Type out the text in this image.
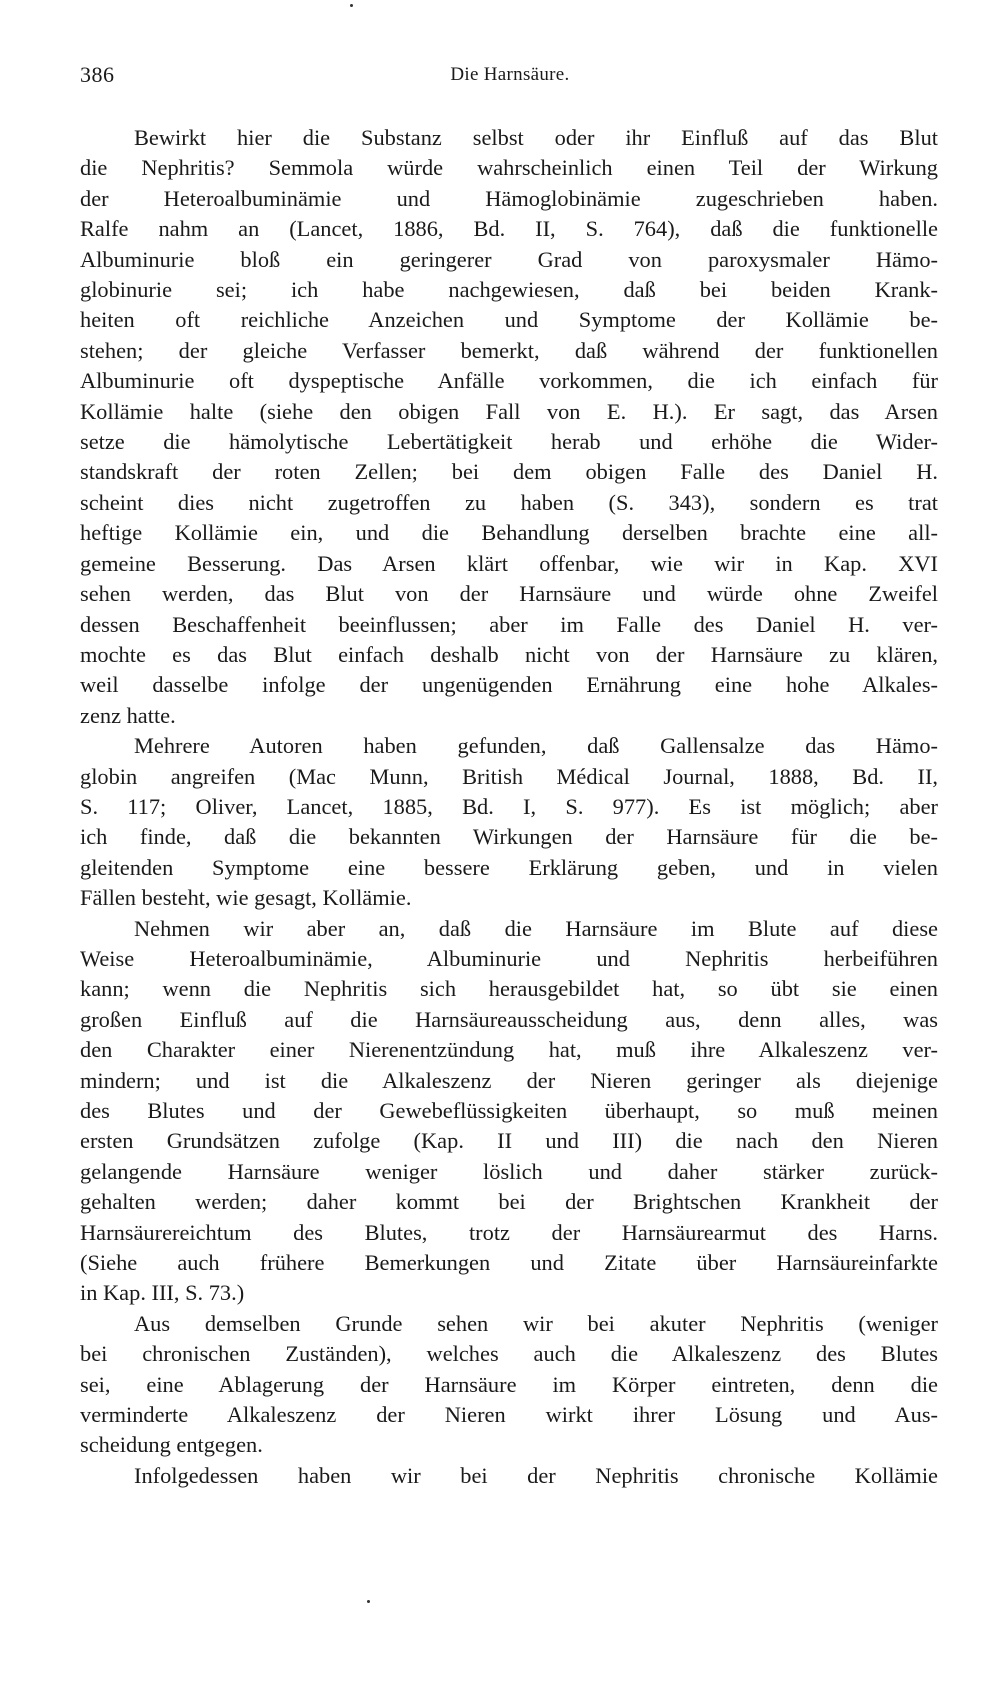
386	Die Harnsäure.
Bewirkt hier die Substanz selbst oder ihr Einfluß auf das Blut
die Nephritis? Semmola würde wahrscheinlich einen Teil der Wirkung
der Heteroalbuminämie und Hämoglobinämie zugeschrieben haben.
Ralfe nahm an (Lancet, 1886, Bd. II, S. 764), daß die funktionelle
Albuminurie bloß ein geringerer Grad von paroxysmaler Hämo-
globinurie sei; ich habe nachgewiesen, daß bei beiden Krank-
heiten oft reichliche Anzeichen und Symptome der Kollämie be-
stehen; der gleiche Verfasser bemerkt, daß während der funktionellen
Albuminurie oft dyspeptische Anfälle vorkommen, die ich einfach für
Kollämie halte (siehe den obigen Fall von E. H.). Er sagt, das Arsen
setze die hämolytische Lebertätigkeit herab und erhöhe die Wider-
standskraft der roten Zellen; bei dem obigen Falle des Daniel H.
scheint dies nicht zugetroffen zu haben (S. 343), sondern es trat
heftige Kollämie ein, und die Behandlung derselben brachte eine all-
gemeine Besserung. Das Arsen klärt offenbar, wie wir in Kap. XVI
sehen werden, das Blut von der Harnsäure und würde ohne Zweifel
dessen Beschaffenheit beeinflussen; aber im Falle des Daniel H. ver-
mochte es das Blut einfach deshalb nicht von der Harnsäure zu klären,
weil dasselbe infolge der ungenügenden Ernährung eine hohe Alkales-
zenz hatte.
Mehrere Autoren haben gefunden, daß Gallensalze das Hämo-
globin angreifen (Mac Munn, British Médical Journal, 1888, Bd. II,
S. 117; Oliver, Lancet, 1885, Bd. I, S. 977). Es ist möglich; aber
ich finde, daß die bekannten Wirkungen der Harnsäure für die be-
gleitenden Symptome eine bessere Erklärung geben, und in vielen
Fällen besteht, wie gesagt, Kollämie.
Nehmen wir aber an, daß die Harnsäure im Blute auf diese
Weise Heteroalbuminämie, Albuminurie und Nephritis herbeiführen
kann; wenn die Nephritis sich herausgebildet hat, so übt sie einen
großen Einfluß auf die Harnsäureausscheidung aus, denn alles, was
den Charakter einer Nierenentzündung hat, muß ihre Alkaleszenz ver-
mindern; und ist die Alkaleszenz der Nieren geringer als diejenige
des Blutes und der Gewebeflüssigkeiten überhaupt, so muß meinen
ersten Grundsätzen zufolge (Kap. II und III) die nach den Nieren
gelangende Harnsäure weniger löslich und daher stärker zurück-
gehalten werden; daher kommt bei der Brightschen Krankheit der
Harnsäurereichtum des Blutes, trotz der Harnsäurearmut des Harns.
(Siehe auch frühere Bemerkungen und Zitate über Harnsäureinfarkte
in Kap. III, S. 73.)
Aus demselben Grunde sehen wir bei akuter Nephritis (weniger
bei chronischen Zuständen), welches auch die Alkaleszenz des Blutes
sei, eine Ablagerung der Harnsäure im Körper eintreten, denn die
verminderte Alkaleszenz der Nieren wirkt ihrer Lösung und Aus-
scheidung entgegen.
Infolgedessen haben wir bei der Nephritis chronische Kollämie
